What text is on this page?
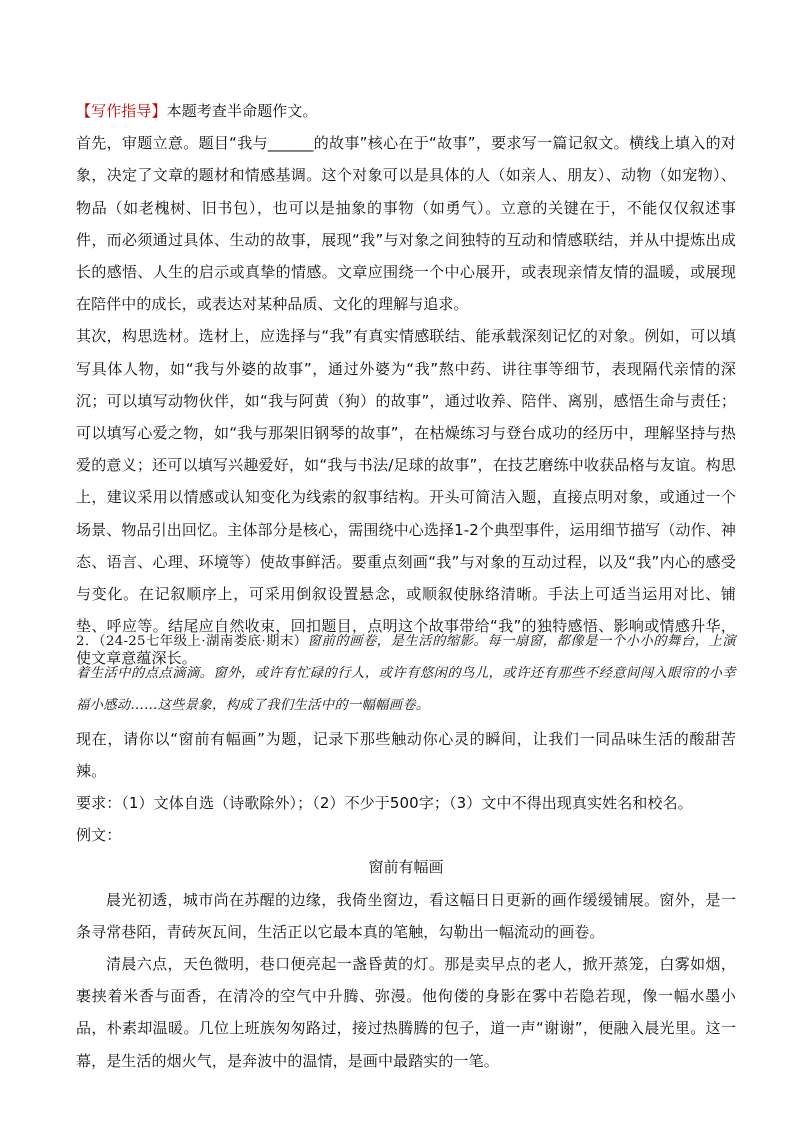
【写作指导】本题考查半命题作文。

首先，审题立意。题目“我与______的故事”核心在于“故事”，要求写一篇记叙文。横线上填入的对象，决定了文章的题材和情感基调。这个对象可以是具体的人（如亲人、朋友）、动物（如宠物）、物品（如老槐树、旧书包），也可以是抽象的事物（如勇气）。立意的关键在于，不能仅仅叙述事件，而必须通过具体、生动的故事，展现“我”与对象之间独特的互动和情感联结，并从中提炼出成长的感悟、人生的启示或真挚的情感。文章应围绕一个中心展开，或表现亲情友情的温暖，或展现在陪伴中的成长，或表达对某种品质、文化的理解与追求。

其次，构思选材。选材上，应选择与“我”有真实情感联结、能承载深刻记忆的对象。例如，可以填写具体人物，如“我与外婆的故事”，通过外婆为“我”熬中药、讲往事等细节，表现隔代亲情的深沉；可以填写动物伙伴，如“我与阿黄（狗）的故事”，通过收养、陪伴、离别，感悟生命与责任；可以填写心爱之物，如“我与那架旧钢琴的故事”，在枯燥练习与登台成功的经历中，理解坚持与热爱的意义；还可以填写兴趣爱好，如“我与书法/足球的故事”，在技艺磨练中收获品格与友谊。构思上，建议采用以情感或认知变化为线索的叙事结构。开头可简洁入题，直接点明对象，或通过一个场景、物品引出回忆。主体部分是核心，需围绕中心选择1-2个典型事件，运用细节描写（动作、神态、语言、心理、环境等）使故事鲜活。要重点刻画“我”与对象的互动过程，以及“我”内心的感受与变化。在记叙顺序上，可采用倒叙设置悬念，或顺叙使脉络清晰。手法上可适当运用对比、铺垫、呼应等。结尾应自然收束，回扣题目，点明这个故事带给“我”的独特感悟、影响或情感升华，使文章意蕴深长。

2．（24-25七年级上·湖南娄底·期末）窗前的画卷，是生活的缩影。每一扇窗，都像是一个小小的舞台，上演着生活中的点点滴滴。窗外，或许有忙碌的行人，或许有悠闲的鸟儿，或许还有那些不经意间闯入眼帘的小幸福小感动……这些景象，构成了我们生活中的一幅幅画卷。

现在，请你以“窗前有幅画”为题，记录下那些触动你心灵的瞬间，让我们一同品味生活的酸甜苦辣。

要求：（1）文体自选（诗歌除外）；（2）不少于500字；（3）文中不得出现真实姓名和校名。

例文：

窗前有幅画

晨光初透，城市尚在苏醒的边缘，我倚坐窗边，看这幅日日更新的画作缓缓铺展。窗外，是一条寻常巷陌，青砖灰瓦间，生活正以它最本真的笔触，勾勒出一幅流动的画卷。

清晨六点，天色微明，巷口便亮起一盏昏黄的灯。那是卖早点的老人，掀开蒸笼，白雾如烟，裹挟着米香与面香，在清冷的空气中升腾、弥漫。他佝偻的身影在雾中若隐若现，像一幅水墨小品，朴素却温暖。几位上班族匆匆路过，接过热腾腾的包子，道一声“谢谢”，便融入晨光里。这一幕，是生活的烟火气，是奔波中的温情，是画中最踏实的一笔。
